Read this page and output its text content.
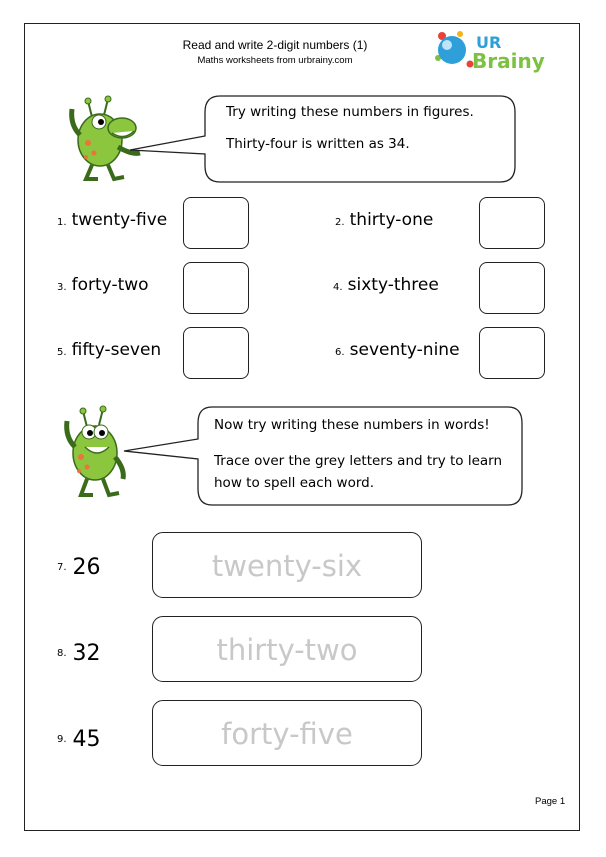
Read and write 2-digit numbers (1)
Maths worksheets from urbrainy.com
UR
Brainy
Try writing these numbers in figures.
Thirty-four is written as 34.
1. twenty-five	2. thirty-one
3. forty-two	4. sixty-three
5. fifty-seven	6. seventy-nine
Now try writing these numbers in words!
Trace over the grey letters and try to learn
how to spell each word.
7. 26	twenty-six
8. 32	thirty-two
9. 45	forty-five
Page 1
